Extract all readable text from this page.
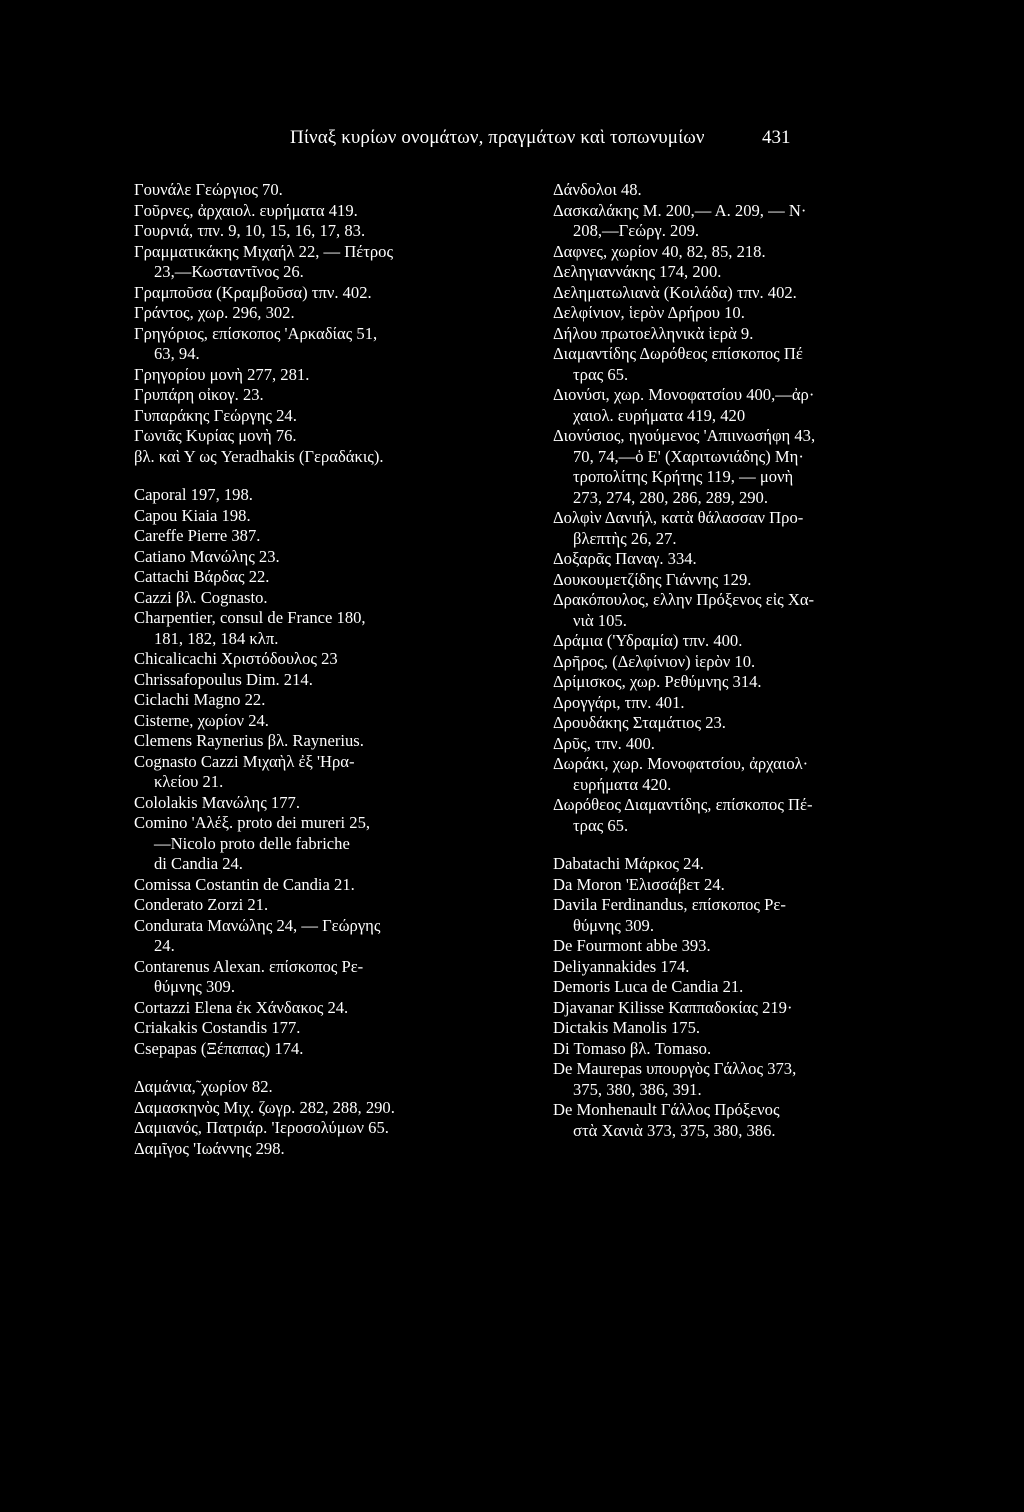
Πίναξ κυρίων ονομάτων, πραγμάτων καὶ τοπωνυμίων	431
Γουνάλε Γεώργιος 70.
Γοῦρνες, ἀρχαιολ. ευρήματα 419.
Γουρνιά, τπν. 9, 10, 15, 16, 17, 83.
Γραμματικάκης Μιχαήλ 22, — Πέτρος
23,—Κωσταντῖνος 26.
Γραμποῦσα (Κραμβοῦσα) τπν. 402.
Γράντος, χωρ. 296, 302.
Γρηγόριος, επίσκοπος 'Αρκαδίας 51,
63, 94.
Γρηγορίου μονὴ 277, 281.
Γρυπάρη οἰκογ. 23.
Γυπαράκης Γεώργης 24.
Γωνιᾶς Κυρίας μονὴ 76.
βλ. καὶ Υ ως Yeradhakis (Γεραδάκις).
Caporal 197, 198.
Capou Kiaia 198.
Careffe Pierre 387.
Catiano Μανώλης 23.
Cattachi Βάρδας 22.
Cazzi βλ. Cognasto.
Charpentier, consul de France 180,
181, 182, 184 κλπ.
Chicalicachi Χριστόδουλος 23
Chrissafopoulus Dim. 214.
Ciclachi Magno 22.
Cisterne, χωρίον 24.
Clemens Raynerius βλ. Raynerius.
Cognasto Cazzi Μιχαὴλ ἐξ 'Ηρα-
κλείου 21.
Cololakis Μανώλης 177.
Comino 'Αλέξ. proto dei mureri 25,
—Nicolo proto delle fabriche
di Candia 24.
Comissa Costantin de Candia 21.
Conderato Zorzi 21.
Condurata Μανώλης 24, — Γεώργης
24.
Contarenus Alexan. επίσκοπος Ρε-
θύμνης 309.
Cortazzi Elena ἐκ Χάνδακος 24.
Criakakis Costandis 177.
Csepapas (Ξέπαπας) 174.
Δαμάνια,˜χωρίον 82.
Δαμασκηνὸς Μιχ. ζωγρ. 282, 288, 290.
Δαμιανός, Πατριάρ. 'Ιεροσολύμων 65.
Δαμῖγος 'Ιωάννης 298.
Δάνδολοι 48.
Δασκαλάκης Μ. 200,— Α. 209, — Ν·
208,—Γεώργ. 209.
Δαφνες, χωρίον 40, 82, 85, 218.
Δεληγιαννάκης 174, 200.
Δεληματωλιανὰ (Κοιλάδα) τπν. 402.
Δελφίνιον, ἱερὸν Δρήρου 10.
Δήλου πρωτοελληνικὰ ἱερὰ 9.
Διαμαντίδης Δωρόθεος επίσκοπος Πέ
τρας 65.
Διονύσι, χωρ. Μονοφατσίου 400,—ἀρ·
χαιολ. ευρήματα 419, 420
Διονύσιος, ηγούμενος 'Απιινωσήφη 43,
70, 74,—ὁ Ε' (Χαριτωνιάδης) Μη·
τροπολίτης Κρήτης 119, — μονὴ
273, 274, 280, 286, 289, 290.
Δολφὶν Δανιήλ, κατὰ θάλασσαν Προ-
βλεπτὴς 26, 27.
Δοξαρᾶς Παναγ. 334.
Δουκουμετζίδης Γιάννης 129.
Δρακόπουλος, ελλην Πρόξενος εἰς Χα-
νιὰ 105.
Δράμια ('Υδραμία) τπν. 400.
Δρῆρος, (Δελφίνιον) ἱερὸν 10.
Δρίμισκος, χωρ. Ρεθύμνης 314.
Δρογγάρι, τπν. 401.
Δρουδάκης Σταμάτιος 23.
Δρῦς, τπν. 400.
Δωράκι, χωρ. Μονοφατσίου, ἀρχαιολ·
ευρήματα 420.
Δωρόθεος Διαμαντίδης, επίσκοπος Πέ-
τρας 65.
Dabatachi Μάρκος 24.
Da Moron 'Ελισσάβετ 24.
Davila Ferdinandus, επίσκοπος Ρε-
θύμνης 309.
De Fourmont abbe 393.
Deliyannakides 174.
Demoris Luca de Candia 21.
Djavanar Kilisse Καππαδοκίας 219·
Dictakis Manolis 175.
Di Tomaso βλ. Tomaso.
De Maurepas υπουργὸς Γάλλος 373,
375, 380, 386, 391.
De Monhenault Γάλλος Πρόξενος
στὰ Χανιὰ 373, 375, 380, 386.
